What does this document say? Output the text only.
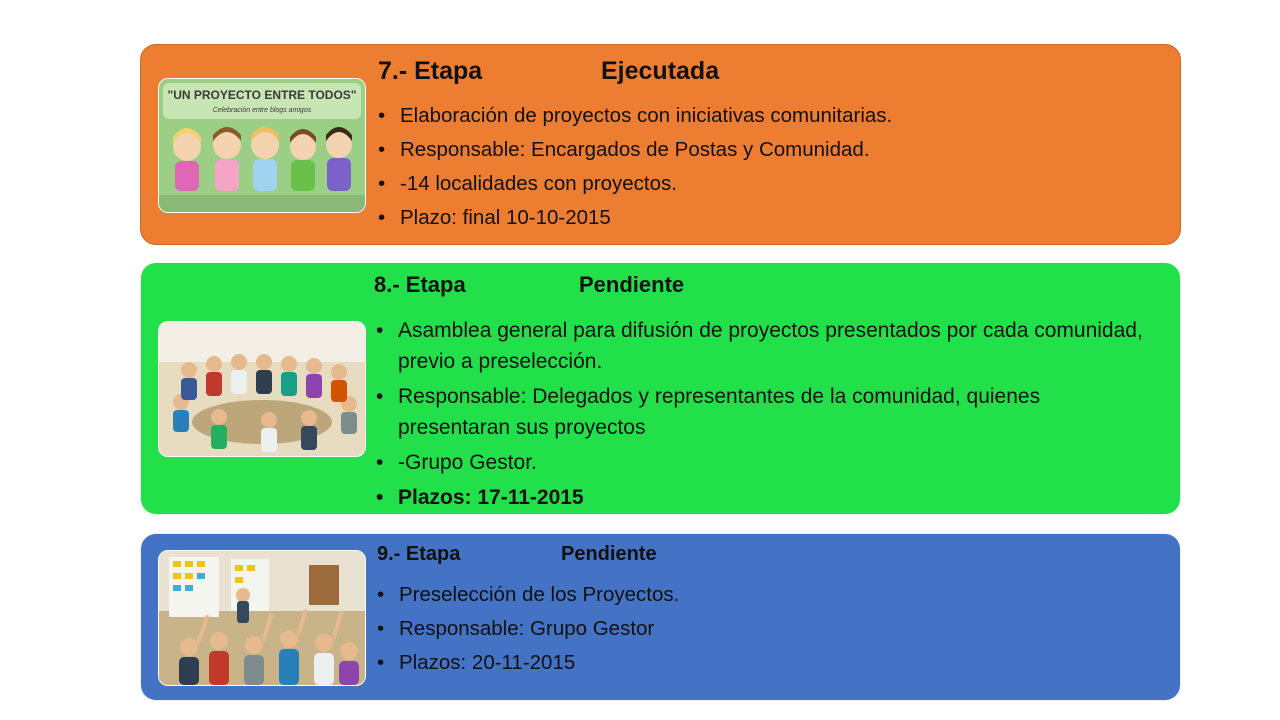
"UN PROYECTO ENTRE TODOS"
Celebración entre blogs amigos
7.- Etapa	Ejecutada
• Elaboración de proyectos con iniciativas comunitarias.
• Responsable: Encargados de Postas y Comunidad.
• -14 localidades con proyectos.
• Plazo: final 10-10-2015
8.- Etapa	Pendiente
• Asamblea general para difusión de proyectos presentados por cada comunidad, previo a preselección.
• Responsable: Delegados y representantes de la comunidad, quienes presentaran sus proyectos
• -Grupo Gestor.
• Plazos: 17-11-2015
9.- Etapa	Pendiente
• Preselección de los Proyectos.
• Responsable: Grupo Gestor
• Plazos: 20-11-2015
